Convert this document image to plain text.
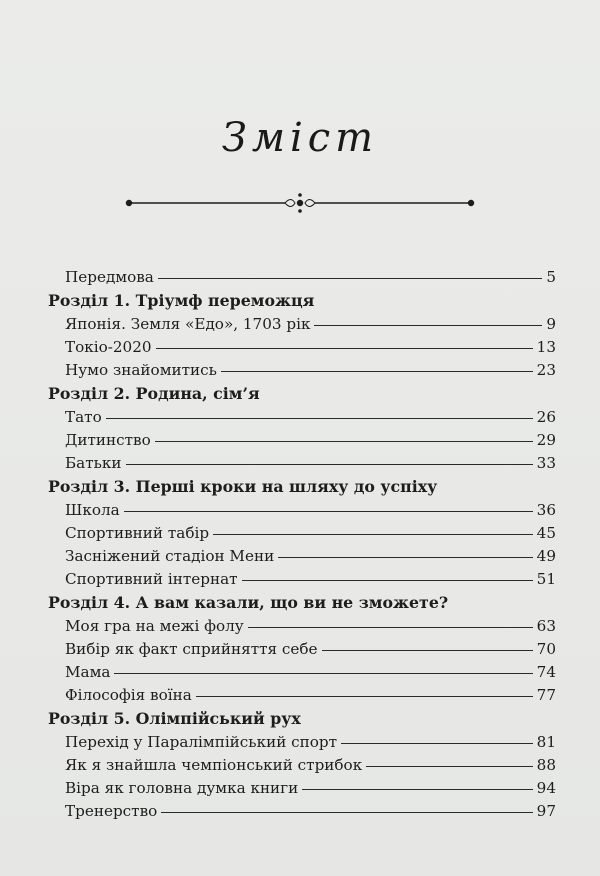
Зміст
Передмова	5
Розділ 1. Тріумф переможця
Японія. Земля «Едо», 1703 рік	9
Токіо-2020	13
Нумо знайомитись	23
Розділ 2. Родина, сім’я
Тато	26
Дитинство	29
Батьки	33
Розділ 3. Перші кроки на шляху до успіху
Школа	36
Спортивний табір	45
Засніжений стадіон Мени	49
Спортивний інтернат	51
Розділ 4. А вам казали, що ви не зможете?
Моя гра на межі фолу	63
Вибір як факт сприйняття себе	70
Мама	74
Філософія воїна	77
Розділ 5. Олімпійський рух
Перехід у Паралімпійський спорт	81
Як я знайшла чемпіонський стрибок	88
Віра як головна думка книги	94
Тренерство	97
